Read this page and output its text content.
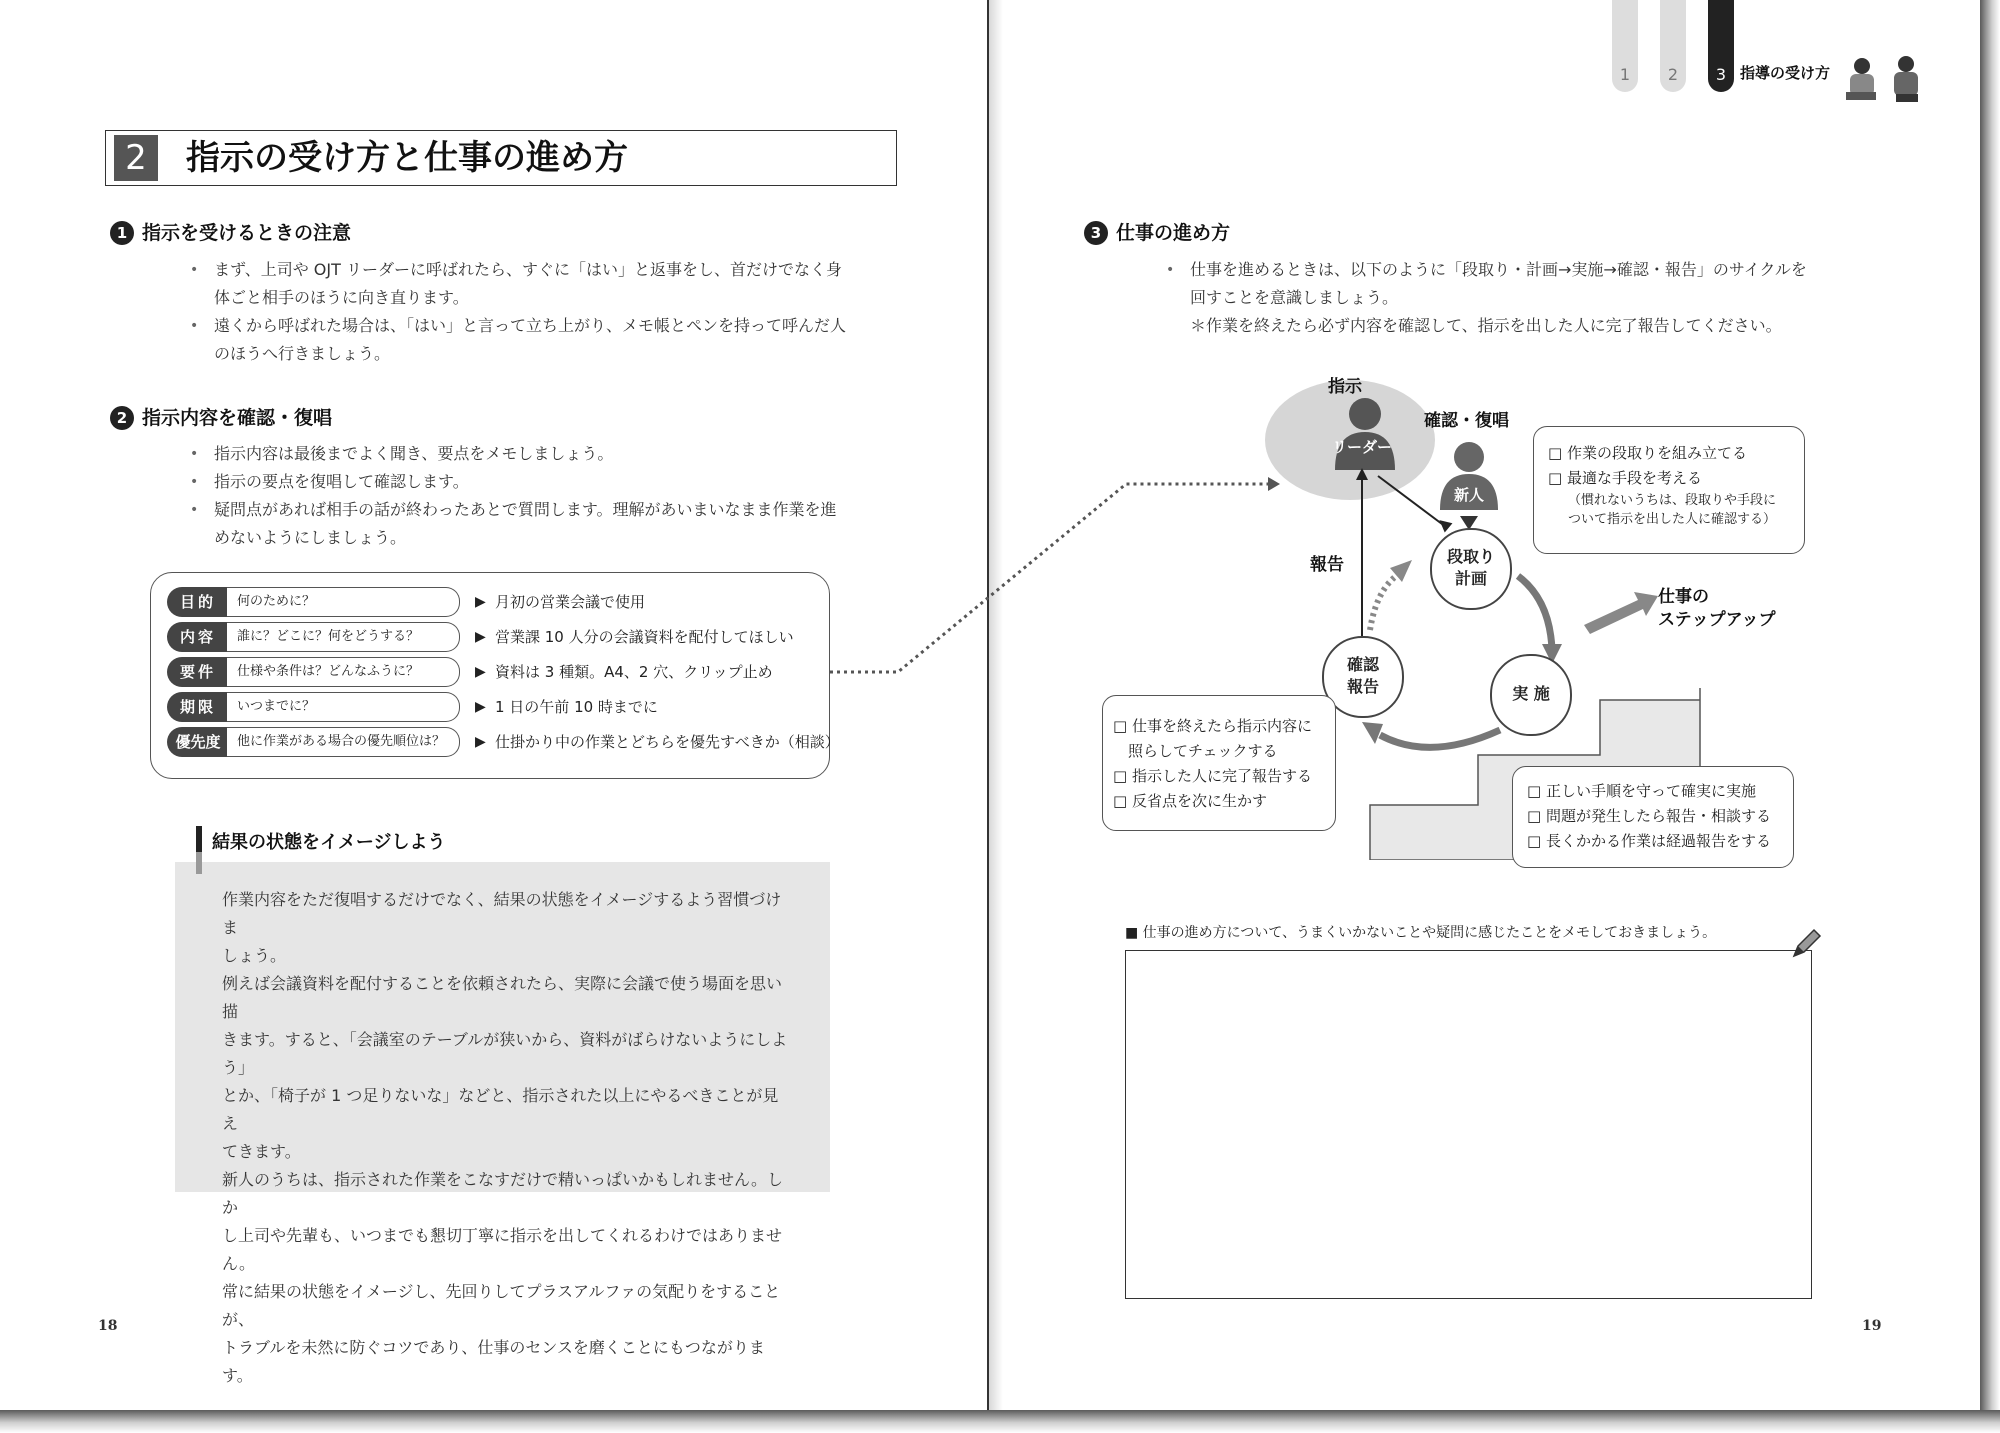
2	指示の受け方と仕事の進め方
1 指示を受けるときの注意
• まず、上司や OJT リーダーに呼ばれたら、すぐに「はい」と返事をし、首だけでなく身
体ごと相手のほうに向き直ります。
• 遠くから呼ばれた場合は、「はい」と言って立ち上がり、メモ帳とペンを持って呼んだ人
のほうへ行きましょう。
2 指示内容を確認・復唱
• 指示内容は最後までよく聞き、要点をメモしましょう。
• 指示の要点を復唱して確認します。
• 疑問点があれば相手の話が終わったあとで質問します。理解があいまいなまま作業を進
めないようにしましょう。
目的	何のために？	▶ 月初の営業会議で使用
内容	誰に？どこに？何をどうする？	▶ 営業課 10 人分の会議資料を配付してほしい
要件	仕様や条件は？どんなふうに？	▶ 資料は 3 種類。A4、2 穴、クリップ止め
期限	いつまでに？	▶ 1 日の午前 10 時までに
優先度	他に作業がある場合の優先順位は？	▶ 仕掛かり中の作業とどちらを優先すべきか（相談）
結果の状態をイメージしよう
作業内容をただ復唱するだけでなく、結果の状態をイメージするよう習慣づけま
しょう。
例えば会議資料を配付することを依頼されたら、実際に会議で使う場面を思い描
きます。すると、「会議室のテーブルが狭いから、資料がばらけないようにしよう」
とか、「椅子が 1 つ足りないな」などと、指示された以上にやるべきことが見え
てきます。
新人のうちは、指示された作業をこなすだけで精いっぱいかもしれません。しか
し上司や先輩も、いつまでも懇切丁寧に指示を出してくれるわけではありません。
常に結果の状態をイメージし、先回りしてプラスアルファの気配りをすることが、
トラブルを未然に防ぐコツであり、仕事のセンスを磨くことにもつながります。
18
1	2	3 指導の受け方
3 仕事の進め方
• 仕事を進めるときは、以下のように「段取り・計画→実施→確認・報告」のサイクルを
回すことを意識しましょう。
＊作業を終えたら必ず内容を確認して、指示を出した人に完了報告してください。
指示
確認・復唱
報告
リーダー
新人
段取り
計画
実 施
確認
報告
仕事の
ステップアップ
□ 作業の段取りを組み立てる
□ 最適な手段を考える
（慣れないうちは、段取りや手段に
ついて指示を出した人に確認する）
□ 仕事を終えたら指示内容に
　照らしてチェックする
□ 指示した人に完了報告する
□ 反省点を次に生かす
□ 正しい手順を守って確実に実施
□ 問題が発生したら報告・相談する
□ 長くかかる作業は経過報告をする
■ 仕事の進め方について、うまくいかないことや疑問に感じたことをメモしておきましょう。
19
